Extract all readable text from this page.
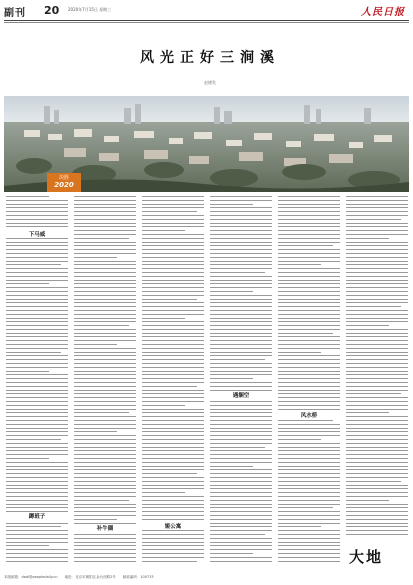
副刊 20 2020年7月15日 星期三	人民日报
风光正好三涧溪
赵德发
决胜
2020
下马威
蹲班子
补牛圈	姬公寓
遇捆空
风水桥
大地
本版邮箱：dadi@peopledaily.cn　　地址：北京市朝阳区金台西路2号　　邮政编码：100733
